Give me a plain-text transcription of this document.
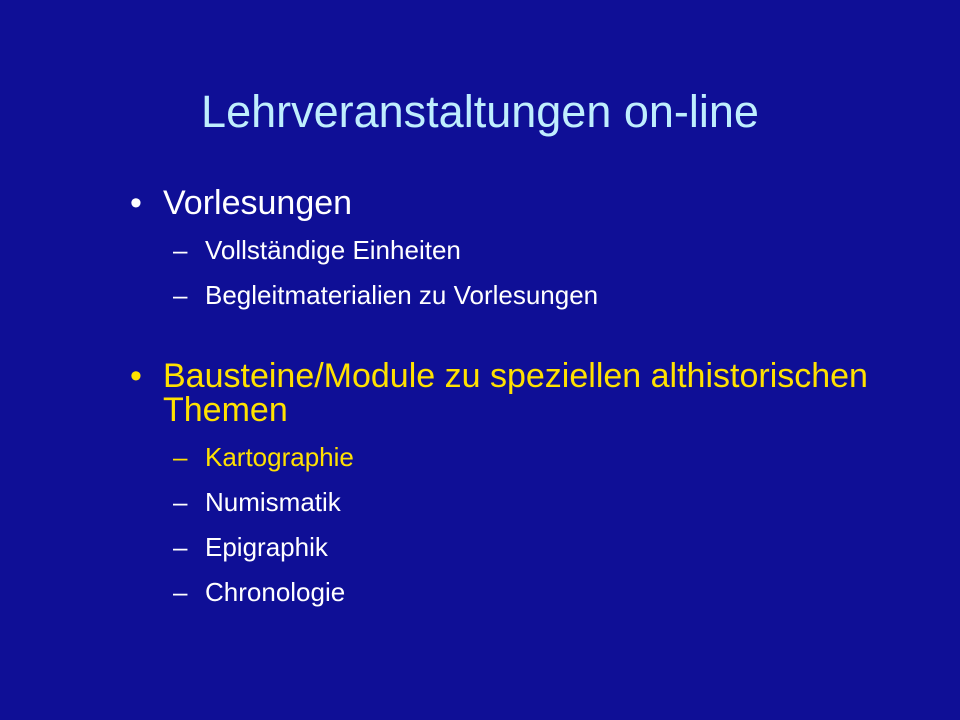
Lehrveranstaltungen on-line
• Vorlesungen
– Vollständige Einheiten
– Begleitmaterialien zu Vorlesungen
• Bausteine/Module zu speziellen althistorischen Themen
– Kartographie
– Numismatik
– Epigraphik
– Chronologie
